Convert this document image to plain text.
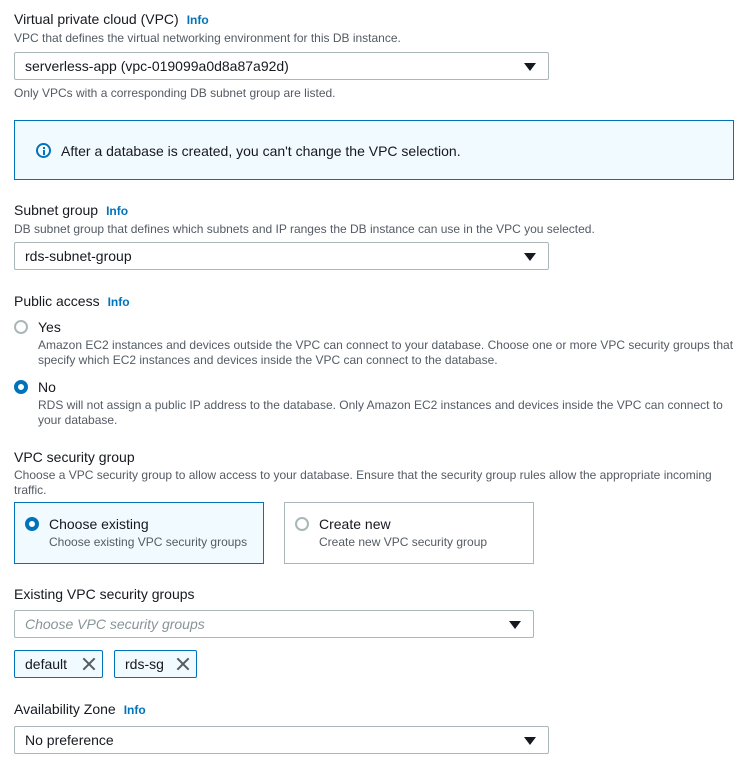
Virtual private cloud (VPC) Info
VPC that defines the virtual networking environment for this DB instance.
serverless-app (vpc-019099a0d8a87a92d)
Only VPCs with a corresponding DB subnet group are listed.
After a database is created, you can't change the VPC selection.
Subnet group Info
DB subnet group that defines which subnets and IP ranges the DB instance can use in the VPC you selected.
rds-subnet-group
Public access Info
Yes
Amazon EC2 instances and devices outside the VPC can connect to your database. Choose one or more VPC security groups that specify which EC2 instances and devices inside the VPC can connect to the database.
No
RDS will not assign a public IP address to the database. Only Amazon EC2 instances and devices inside the VPC can connect to your database.
VPC security group
Choose a VPC security group to allow access to your database. Ensure that the security group rules allow the appropriate incoming traffic.
Choose existing
Choose existing VPC security groups
Create new
Create new VPC security group
Existing VPC security groups
Choose VPC security groups
default	rds-sg
Availability Zone Info
No preference
